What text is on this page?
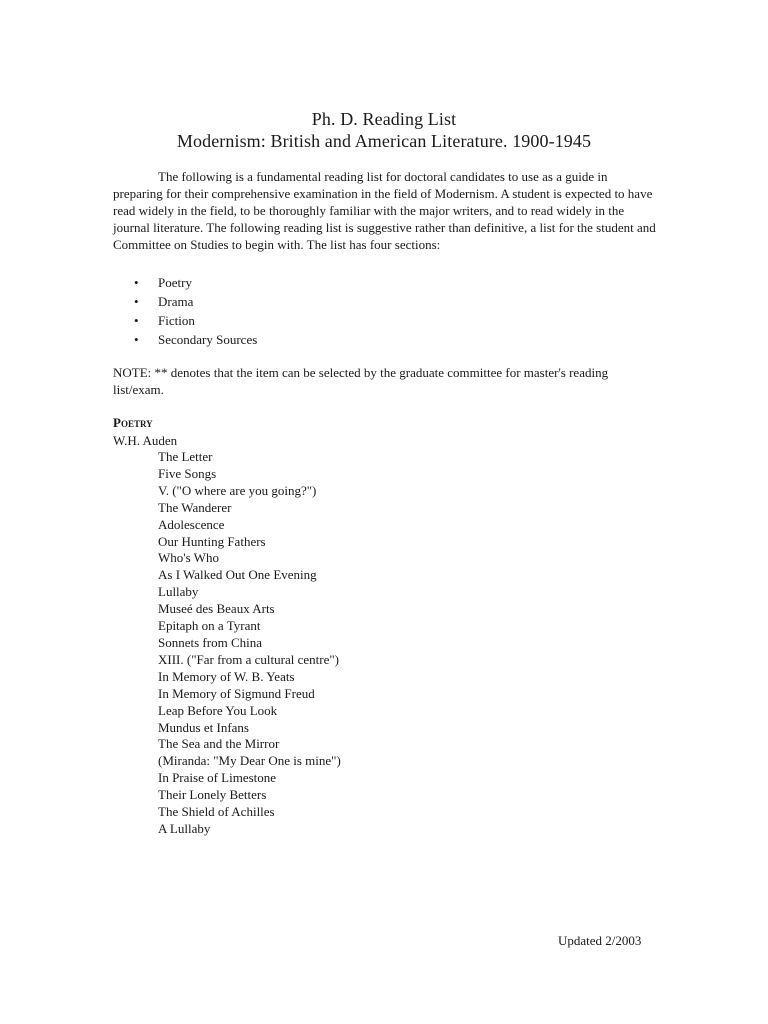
Ph. D. Reading List
Modernism: British and American Literature. 1900-1945
The following is a fundamental reading list for doctoral candidates to use as a guide in preparing for their comprehensive examination in the field of Modernism. A student is expected to have read widely in the field, to be thoroughly familiar with the major writers, and to read widely in the journal literature. The following reading list is suggestive rather than definitive, a list for the student and Committee on Studies to begin with. The list has four sections:
• Poetry
• Drama
• Fiction
• Secondary Sources
NOTE: ** denotes that the item can be selected by the graduate committee for master's reading list/exam.
Poetry
W.H. Auden
The Letter
Five Songs
V. ("O where are you going?")
The Wanderer
Adolescence
Our Hunting Fathers
Who's Who
As I Walked Out One Evening
Lullaby
Museé des Beaux Arts
Epitaph on a Tyrant
Sonnets from China
XIII. ("Far from a cultural centre")
In Memory of W. B. Yeats
In Memory of Sigmund Freud
Leap Before You Look
Mundus et Infans
The Sea and the Mirror
(Miranda: "My Dear One is mine")
In Praise of Limestone
Their Lonely Betters
The Shield of Achilles
A Lullaby
Updated 2/2003
